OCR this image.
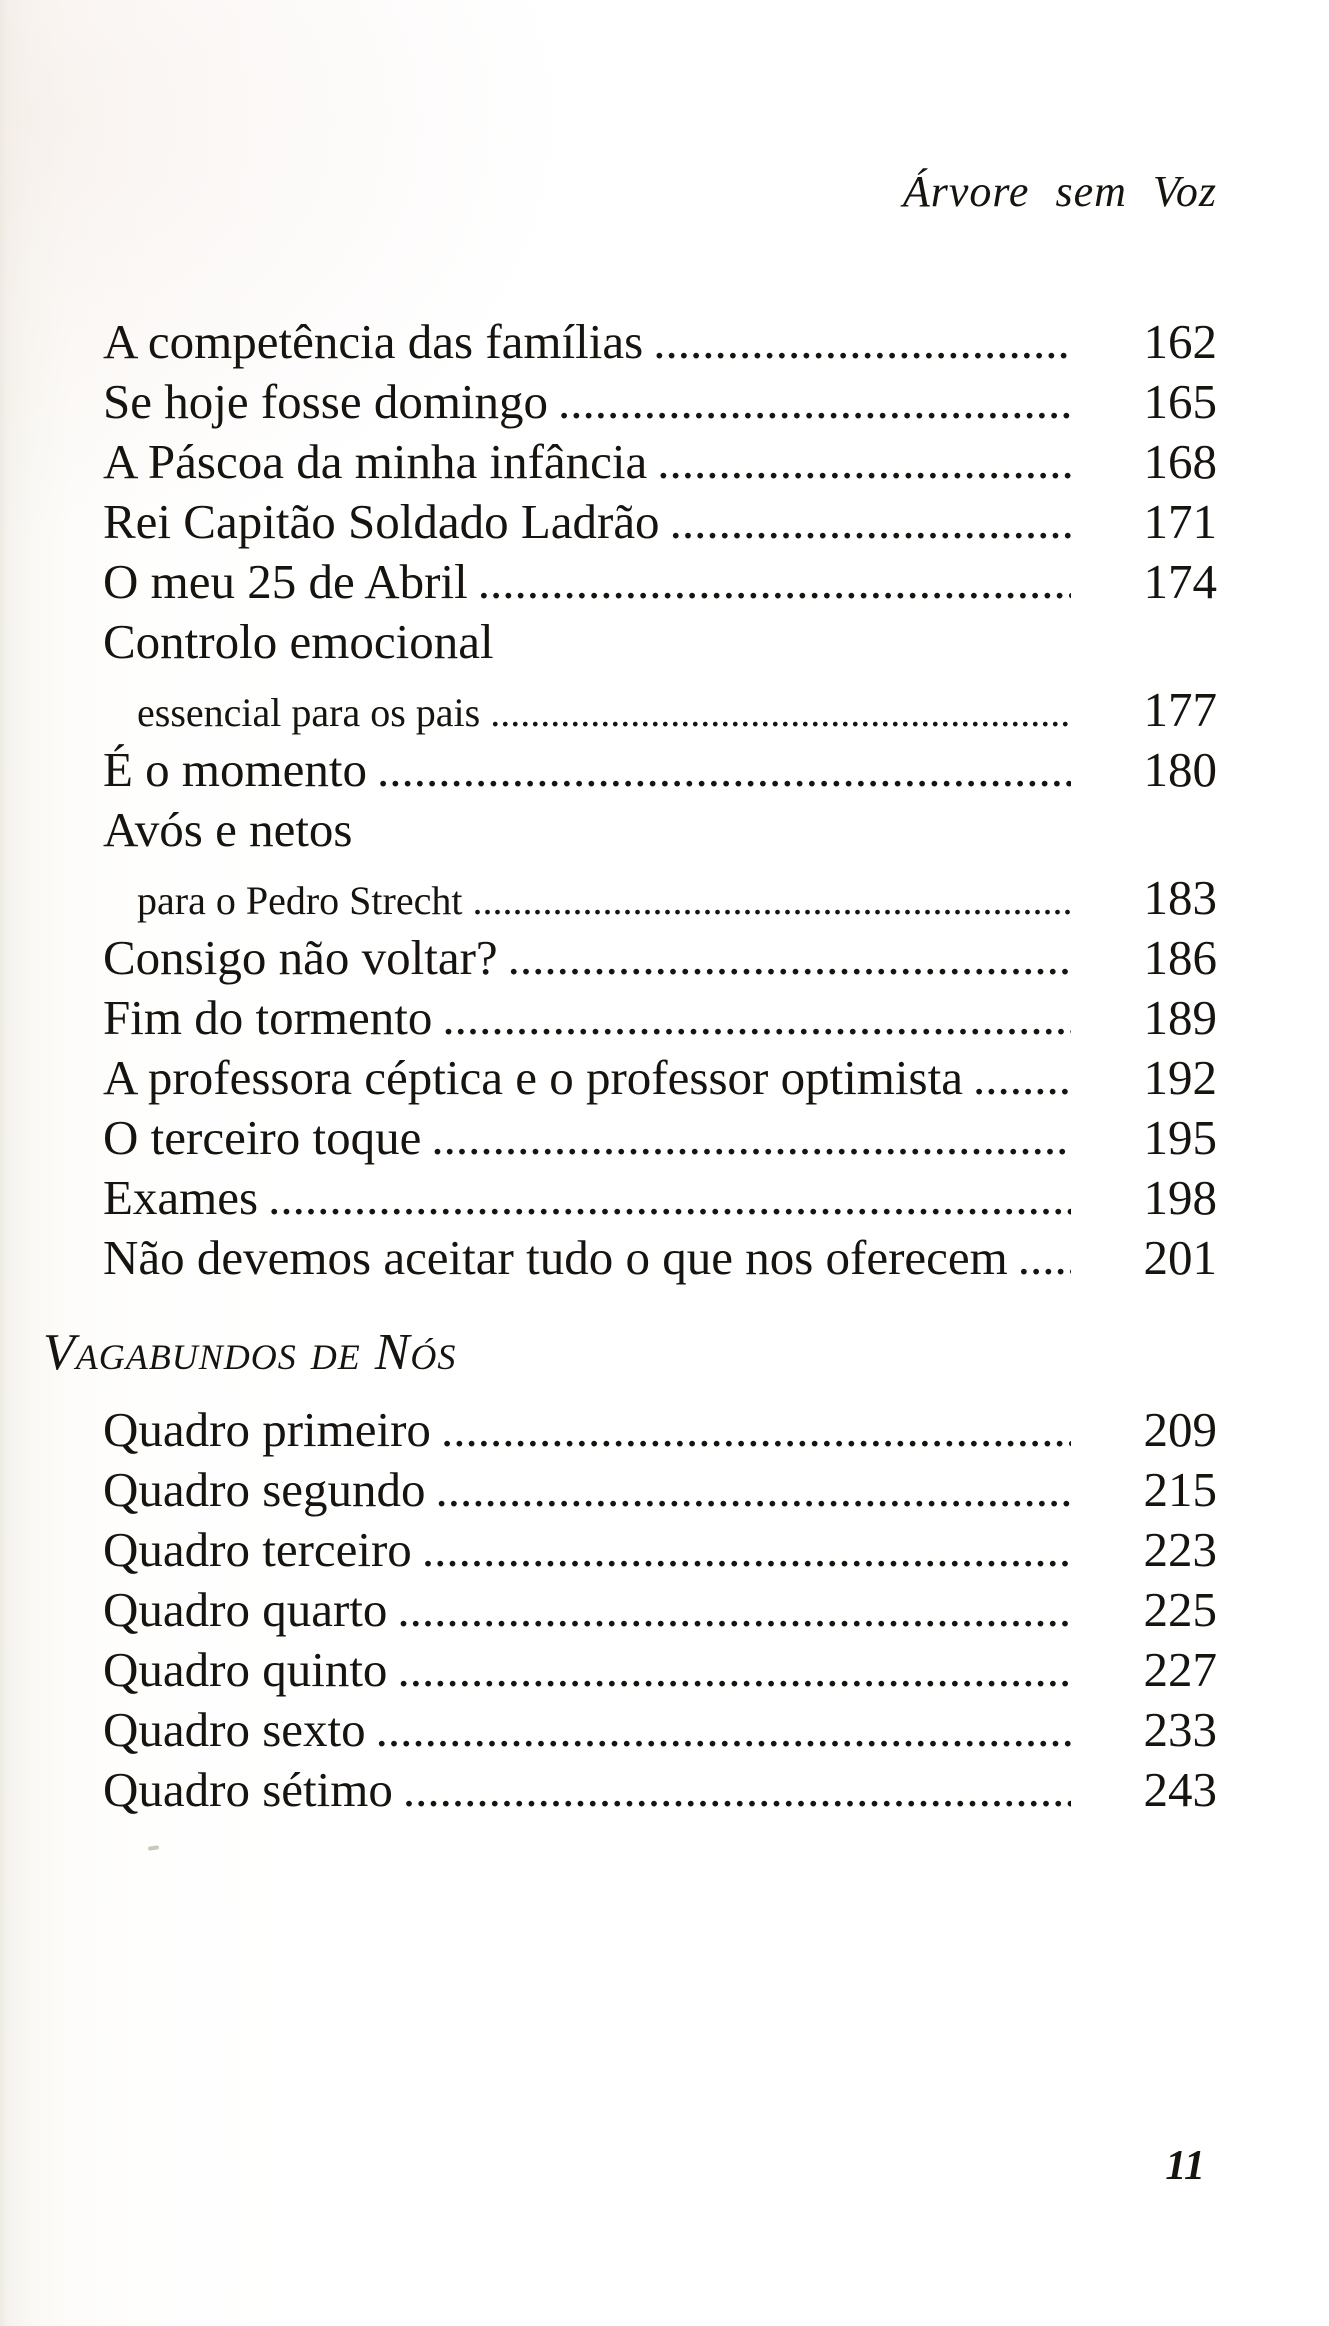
Árvore sem Voz
A competência das famílias .....	162
Se hoje fosse domingo .....	165
A Páscoa da minha infância .....	168
Rei Capitão Soldado Ladrão .....	171
O meu 25 de Abril .....	174
Controlo emocional
essencial para os pais .....	177
É o momento .....	180
Avós e netos
para o Pedro Strecht .....	183
Consigo não voltar? .....	186
Fim do tormento .....	189
A professora céptica e o professor optimista .....	192
O terceiro toque .....	195
Exames .....	198
Não devemos aceitar tudo o que nos oferecem .....	201
Vagabundos de Nós
Quadro primeiro .....	209
Quadro segundo .....	215
Quadro terceiro .....	223
Quadro quarto .....	225
Quadro quinto .....	227
Quadro sexto .....	233
Quadro sétimo .....	243
11
